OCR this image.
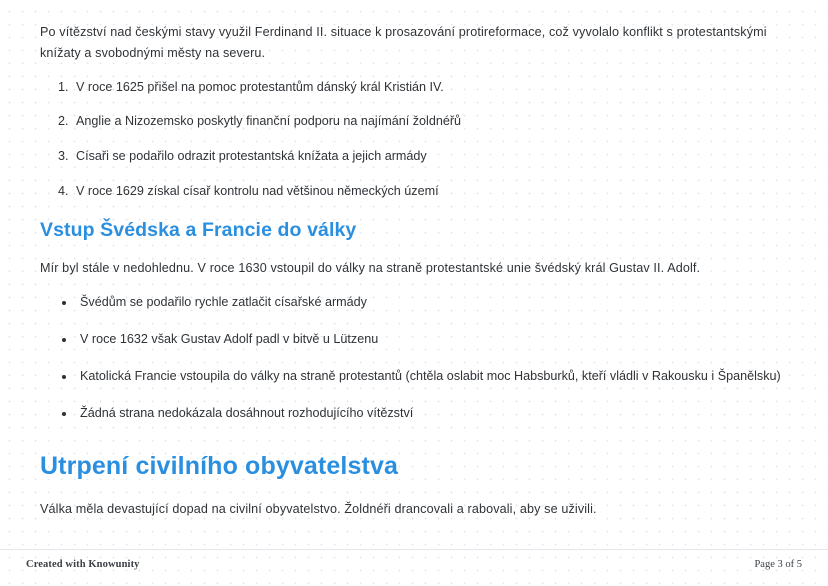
Po vítězství nad českými stavy využil Ferdinand II. situace k prosazování protireformace, což vyvolalo konflikt s protestantskými knížaty a svobodnými městy na severu.

1. V roce 1625 přišel na pomoc protestantům dánský král Kristián IV.
2. Anglie a Nizozemsko poskytly finanční podporu na najímání žoldnéřů
3. Císaři se podařilo odrazit protestantská knížata a jejich armády
4. V roce 1629 získal císař kontrolu nad většinou německých území
Vstup Švédska a Francie do války

Mír byl stále v nedohlednu. V roce 1630 vstoupil do války na straně protestantské unie švédský král Gustav II. Adolf.

• Švédům se podařilo rychle zatlačit císařské armády
• V roce 1632 však Gustav Adolf padl v bitvě u Lützenu
• Katolická Francie vstoupila do války na straně protestantů (chtěla oslabit moc Habsburků, kteří vládli v Rakousku i Španělsku)
• Žádná strana nedokázala dosáhnout rozhodujícího vítězství
Utrpení civilního obyvatelstva

Válka měla devastující dopad na civilní obyvatelstvo. Žoldnéři drancovali a rabovali, aby se uživili.

Created with Knowunity	Page 3 of 5
